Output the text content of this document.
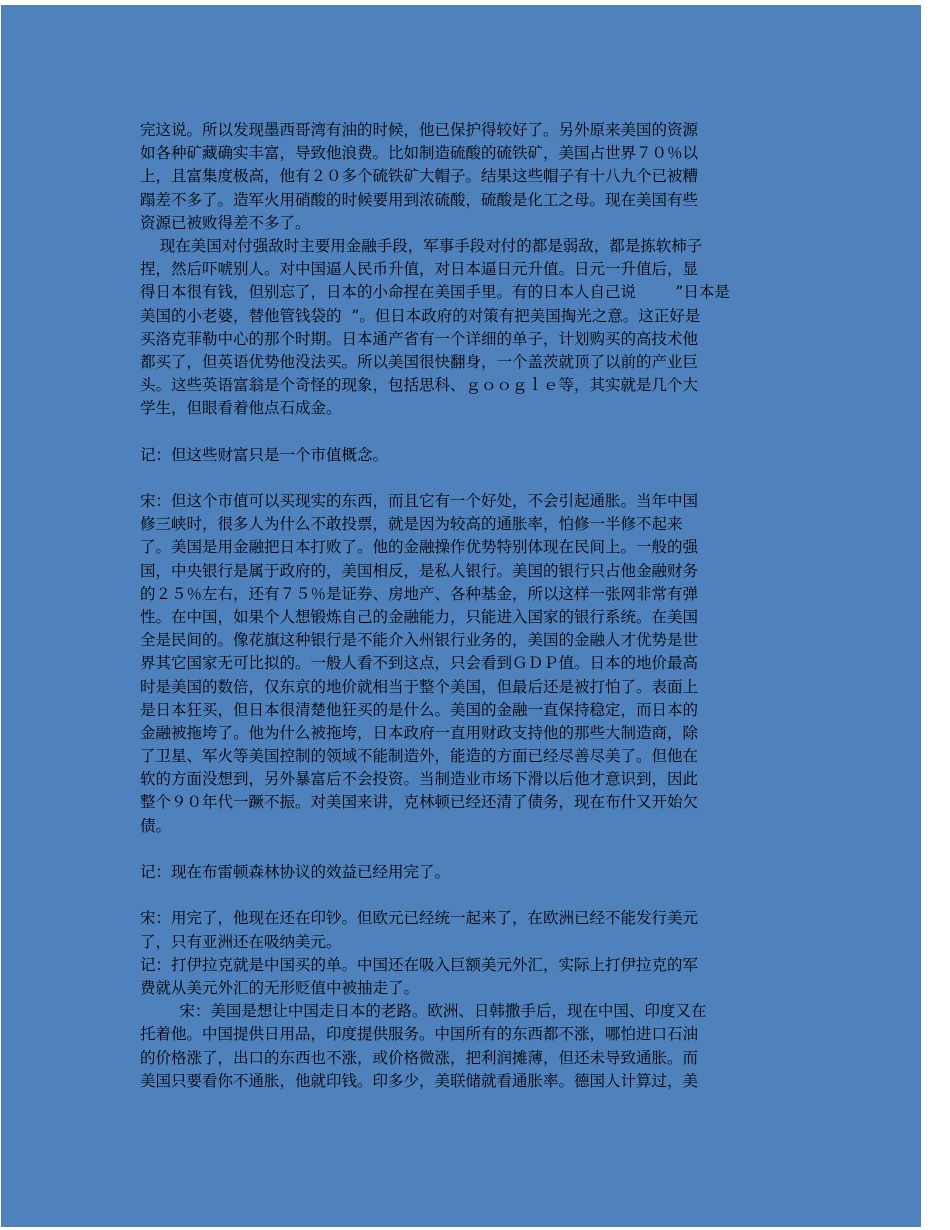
完这说。所以发现墨西哥湾有油的时候，他已保护得较好了。另外原来美国的资源
如各种矿藏确实丰富，导致他浪费。比如制造硫酸的硫铁矿，美国占世界７０％以
上，且富集度极高，他有２０多个硫铁矿大帽子。结果这些帽子有十八九个已被糟
蹋差不多了。造军火用硝酸的时候要用到浓硫酸，硫酸是化工之母。现在美国有些
资源已被败得差不多了。
现在美国对付强敌时主要用金融手段，军事手段对付的都是弱敌，都是拣软柿子
捏，然后吓唬别人。对中国逼人民币升值，对日本逼日元升值。日元一升值后，显
得日本很有钱，但别忘了，日本的小命捏在美国手里。有的日本人自己说        ”日本是
美国的小老婆，替他管钱袋的  ”。但日本政府的对策有把美国掏光之意。这正好是
买洛克菲勒中心的那个时期。日本通产省有一个详细的单子，计划购买的高技术他
都买了，但英语优势他没法买。所以美国很快翻身，一个盖茨就顶了以前的产业巨
头。这些英语富翁是个奇怪的现象，包括思科、ｇｏｏｇｌｅ等，其实就是几个大
学生，但眼看着他点石成金。
记：但这些财富只是一个市值概念。
宋：但这个市值可以买现实的东西，而且它有一个好处，不会引起通胀。当年中国
修三峡时，很多人为什么不敢投票，就是因为较高的通胀率，怕修一半修不起来
了。美国是用金融把日本打败了。他的金融操作优势特别体现在民间上。一般的强
国，中央银行是属于政府的，美国相反，是私人银行。美国的银行只占他金融财务
的２５％左右，还有７５％是证券、房地产、各种基金，所以这样一张网非常有弹
性。在中国，如果个人想锻炼自己的金融能力，只能进入国家的银行系统。在美国
全是民间的。像花旗这种银行是不能介入州银行业务的，美国的金融人才优势是世
界其它国家无可比拟的。一般人看不到这点，只会看到ＧＤＰ值。日本的地价最高
时是美国的数倍，仅东京的地价就相当于整个美国，但最后还是被打怕了。表面上
是日本狂买，但日本很清楚他狂买的是什么。美国的金融一直保持稳定，而日本的
金融被拖垮了。他为什么被拖垮，日本政府一直用财政支持他的那些大制造商，除
了卫星、军火等美国控制的领域不能制造外，能造的方面已经尽善尽美了。但他在
软的方面没想到，另外暴富后不会投资。当制造业市场下滑以后他才意识到，因此
整个９０年代一蹶不振。对美国来讲，克林顿已经还清了债务，现在布什又开始欠
债。
记：现在布雷顿森林协议的效益已经用完了。
宋：用完了，他现在还在印钞。但欧元已经统一起来了，在欧洲已经不能发行美元
了，只有亚洲还在吸纳美元。
记：打伊拉克就是中国买的单。中国还在吸入巨额美元外汇，实际上打伊拉克的军
费就从美元外汇的无形贬值中被抽走了。
宋：美国是想让中国走日本的老路。欧洲、日韩撒手后，现在中国、印度又在
托着他。中国提供日用品，印度提供服务。中国所有的东西都不涨，哪怕进口石油
的价格涨了，出口的东西也不涨，或价格微涨，把利润摊薄，但还未导致通胀。而
美国只要看你不通胀，他就印钱。印多少，美联储就看通胀率。德国人计算过，美
